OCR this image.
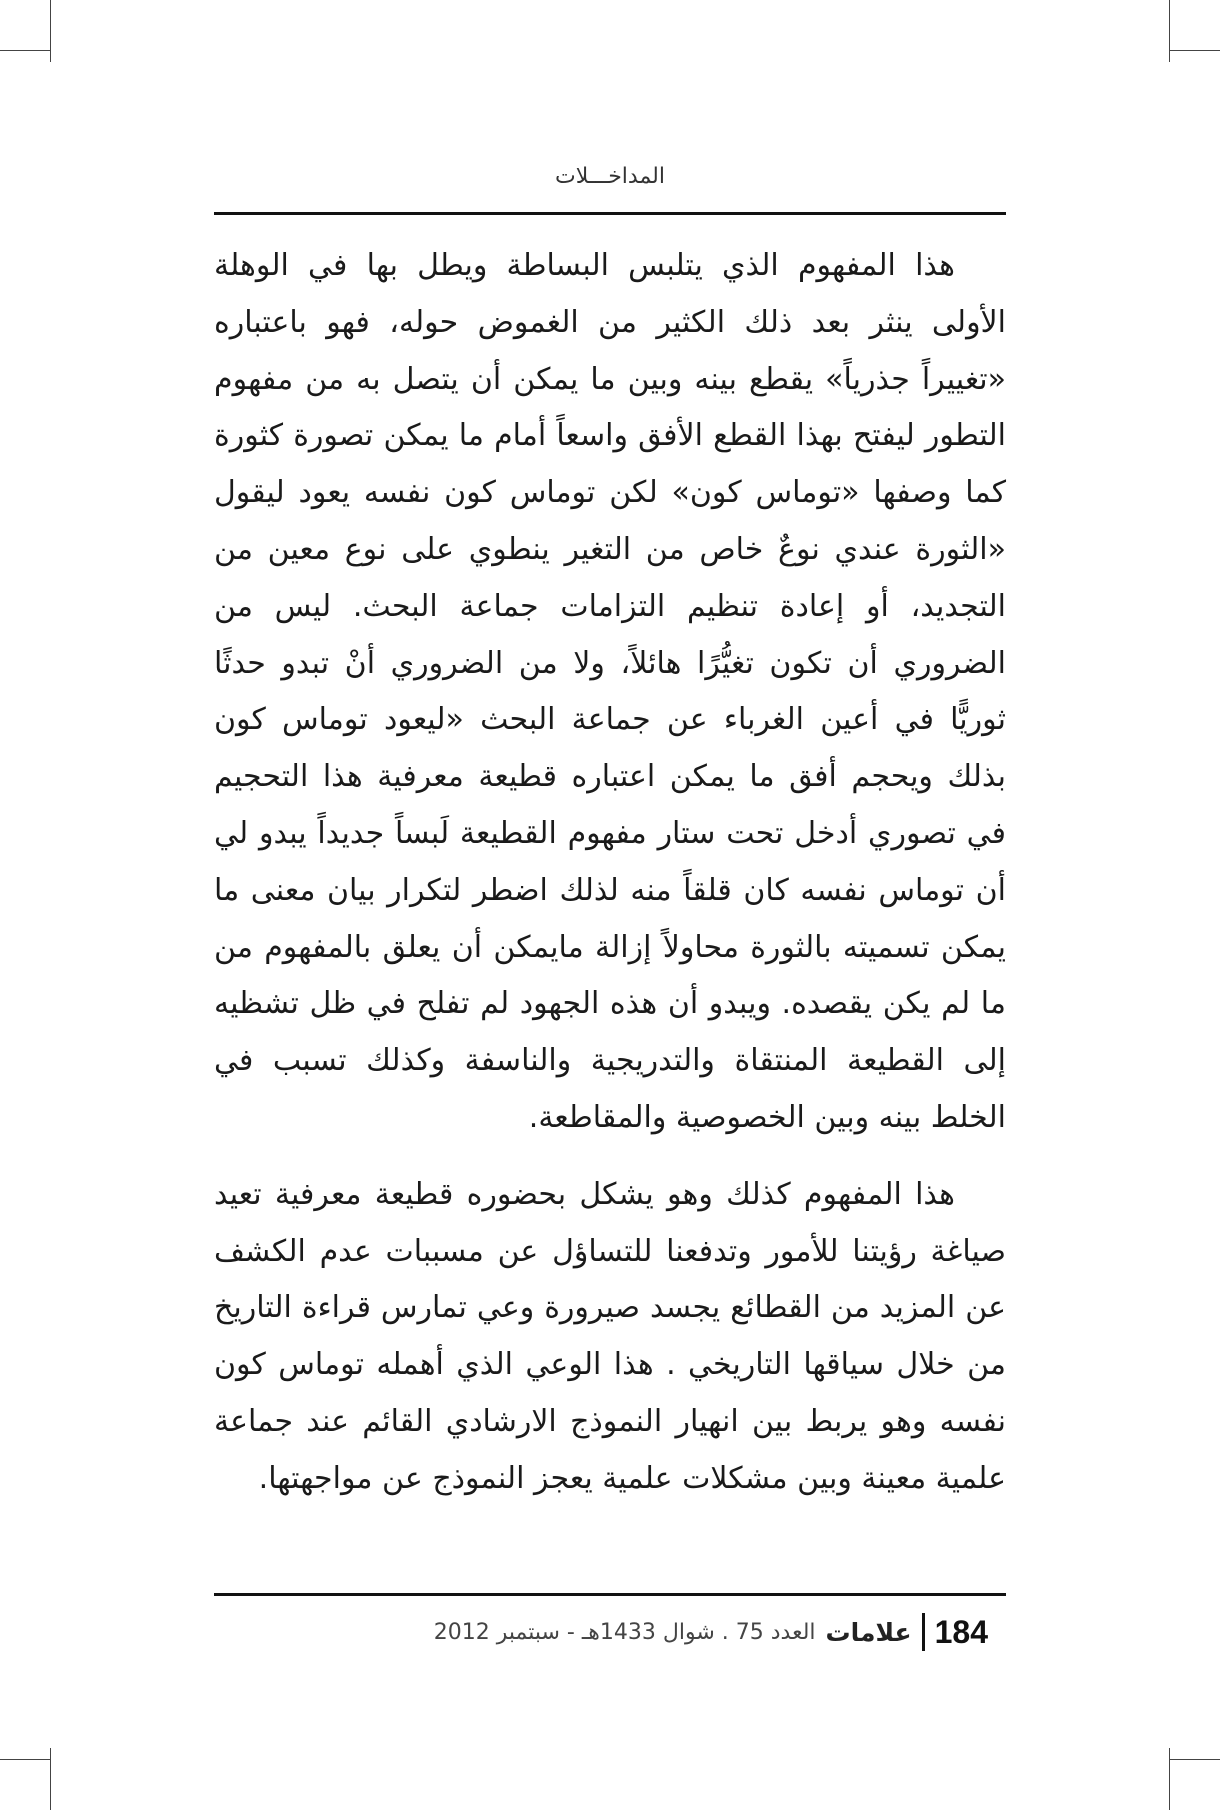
المداخـــلات

هذا المفهوم الذي يتلبس البساطة ويطل بها في الوهلة الأولى ينثر بعد ذلك الكثير من الغموض حوله، فهو باعتباره «تغييراً جذرياً» يقطع بينه وبين ما يمكن أن يتصل به من مفهوم التطور ليفتح بهذا القطع الأفق واسعاً أمام ما يمكن تصورة كثورة كما وصفها «توماس كون» لكن توماس كون نفسه يعود ليقول «الثورة عندي نوعٌ خاص من التغير ينطوي على نوع معين من التجديد، أو إعادة تنظيم التزامات جماعة البحث. ليس من الضروري أن تكون تغيُّرًا هائلاً، ولا من الضروري أنْ تبدو حدثًا ثوريًّا في أعين الغرباء عن جماعة البحث «ليعود توماس كون بذلك ويحجم أفق ما يمكن اعتباره قطيعة معرفية هذا التحجيم في تصوري أدخل تحت ستار مفهوم القطيعة لَبساً جديداً يبدو لي أن توماس نفسه كان قلقاً منه لذلك اضطر لتكرار بيان معنى ما يمكن تسميته بالثورة محاولاً إزالة مايمكن أن يعلق بالمفهوم من ما لم يكن يقصده. ويبدو أن هذه الجهود لم تفلح في ظل تشظيه إلى القطيعة المنتقاة والتدريجية والناسفة وكذلك تسبب في الخلط بينه وبين الخصوصية والمقاطعة.

هذا المفهوم كذلك وهو يشكل بحضوره قطيعة معرفية تعيد صياغة رؤيتنا للأمور وتدفعنا للتساؤل عن مسببات عدم الكشف عن المزيد من القطائع يجسد صيرورة وعي تمارس قراءة التاريخ من خلال سياقها التاريخي . هذا الوعي الذي أهمله توماس كون نفسه وهو يربط بين انهيار النموذج الارشادي القائم عند جماعة علمية معينة وبين مشكلات علمية يعجز النموذج عن مواجهتها.

184
علامات
العدد 75 . شوال 1433هـ - سبتمبر 2012
